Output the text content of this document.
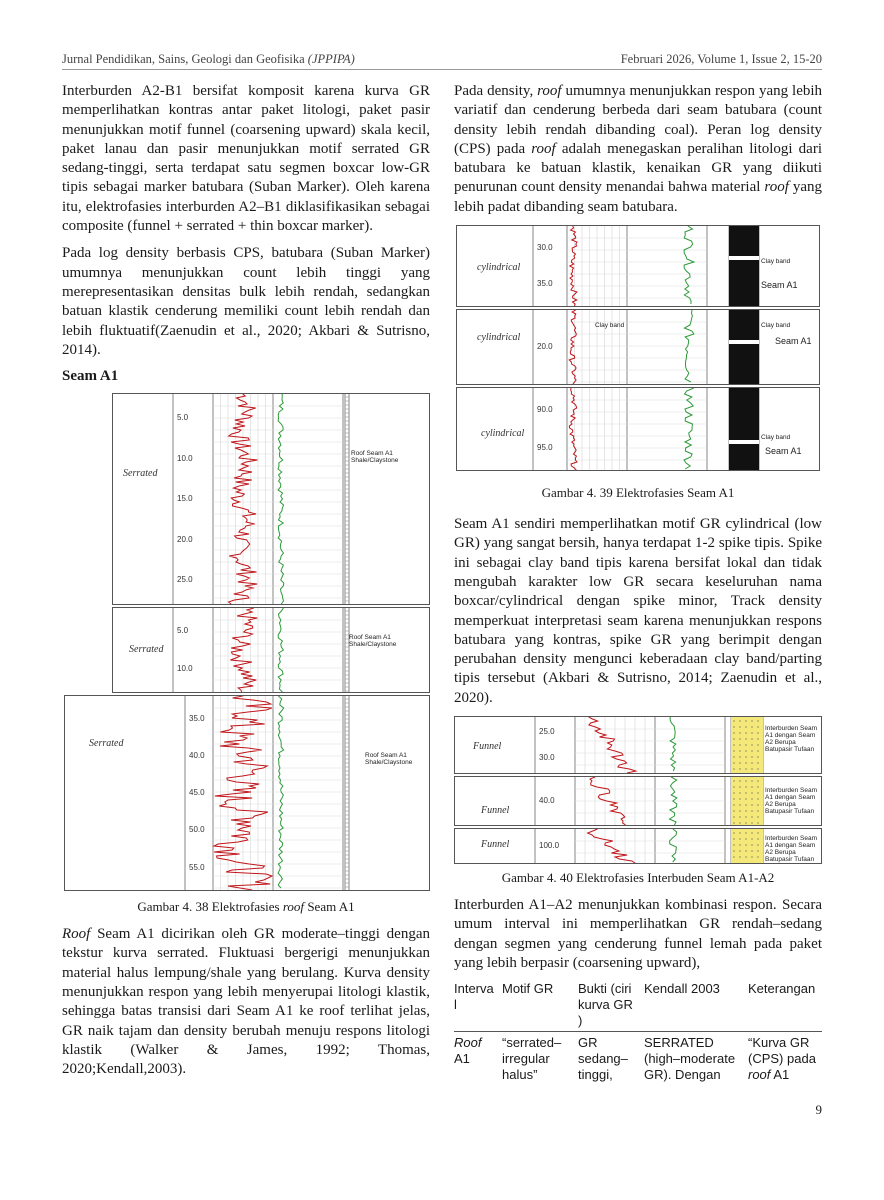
Jurnal Pendidikan, Sains, Geologi dan Geofisika (JPPIPA)	Februari 2026, Volume 1, Issue 2, 15-20

Interburden A2-B1 bersifat komposit karena kurva GR memperlihatkan kontras antar paket litologi, paket pasir menunjukkan motif funnel (coarsening upward) skala kecil, paket lanau dan pasir menunjukkan motif serrated GR sedang-tinggi, serta terdapat satu segmen boxcar low-GR tipis sebagai marker batubara (Suban Marker). Oleh karena itu, elektrofasies interburden A2–B1 diklasifikasikan sebagai composite (funnel + serrated + thin boxcar marker).

Pada log density berbasis CPS, batubara (Suban Marker) umumnya menunjukkan count lebih tinggi yang merepresentasikan densitas bulk lebih rendah, sedangkan batuan klastik cenderung memiliki count lebih rendah dan lebih fluktuatif(Zaenudin et al., 2020; Akbari & Sutrisno, 2014).

Seam A1
Serrated
Roof Seam A1 Shale/Claystone
5.0
10.0
15.0
20.0
25.0
Serrated
Roof Seam A1 Shale/Claystone
5.0
10.0
Serrated
Roof Seam A1 Shale/Claystone
35.0
40.0
45.0
50.0
55.0
Gambar 4. 38 Elektrofasies roof Seam A1

Roof Seam A1 dicirikan oleh GR moderate–tinggi dengan tekstur kurva serrated. Fluktuasi bergerigi menunjukkan material halus lempung/shale yang berulang. Kurva density menunjukkan respon yang lebih menyerupai litologi klastik, sehingga batas transisi dari Seam A1 ke roof terlihat jelas, GR naik tajam dan density berubah menuju respons litologi klastik (Walker & James, 1992; Thomas, 2020;Kendall,2003).

Pada density, roof umumnya menunjukkan respon yang lebih variatif dan cenderung berbeda dari seam batubara (count density lebih rendah dibanding coal). Peran log density (CPS) pada roof adalah menegaskan peralihan litologi dari batubara ke batuan klastik, kenaikan GR yang diikuti penurunan count density menandai bahwa material roof yang lebih padat dibanding seam batubara.

cylindrical
Clay band
Seam A1
30.0
35.0
cylindrical
Clay band	Clay band
Seam A1
20.0
cylindrical	Clay band
Seam A1
90.0
95.0
Gambar 4. 39 Elektrofasies Seam A1

Seam A1 sendiri memperlihatkan motif GR cylindrical (low GR) yang sangat bersih, hanya terdapat 1-2 spike tipis. Spike ini sebagai clay band tipis karena bersifat lokal dan tidak mengubah karakter low GR secara keseluruhan nama boxcar/cylindrical dengan spike minor, Track density memperkuat interpretasi seam karena menunjukkan respons batubara yang kontras, spike GR yang berimpit dengan perubahan density mengunci keberadaan clay band/parting tipis tersebut (Akbari & Sutrisno, 2014; Zaenudin et al., 2020).

Funnel
Interburden Seam A1 dengan Seam A2 Berupa Batupasir Tufaan
25.0
30.0
Funnel
Interburden Seam A1 dengan Seam A2 Berupa Batupasir Tufaan
40.0
Funnel
Interburden Seam A1 dengan Seam A2 Berupa Batupasir Tufaan
100.0
Gambar 4. 40 Elektrofasies Interbuden Seam A1-A2

Interburden A1–A2 menunjukkan kombinasi respon. Secara umum interval ini memperlihatkan GR rendah–sedang dengan segmen yang cenderung funnel lemah pada paket yang lebih berpasir (coarsening upward),

Interva l	Motif GR	Bukti (ciri kurva GR )	Kendall 2003	Keterangan
Roof A1	“serrated–irregular halus”	GR sedang–tinggi,	SERRATED (high–moderate GR). Dengan	“Kurva GR (CPS) pada roof A1
9
